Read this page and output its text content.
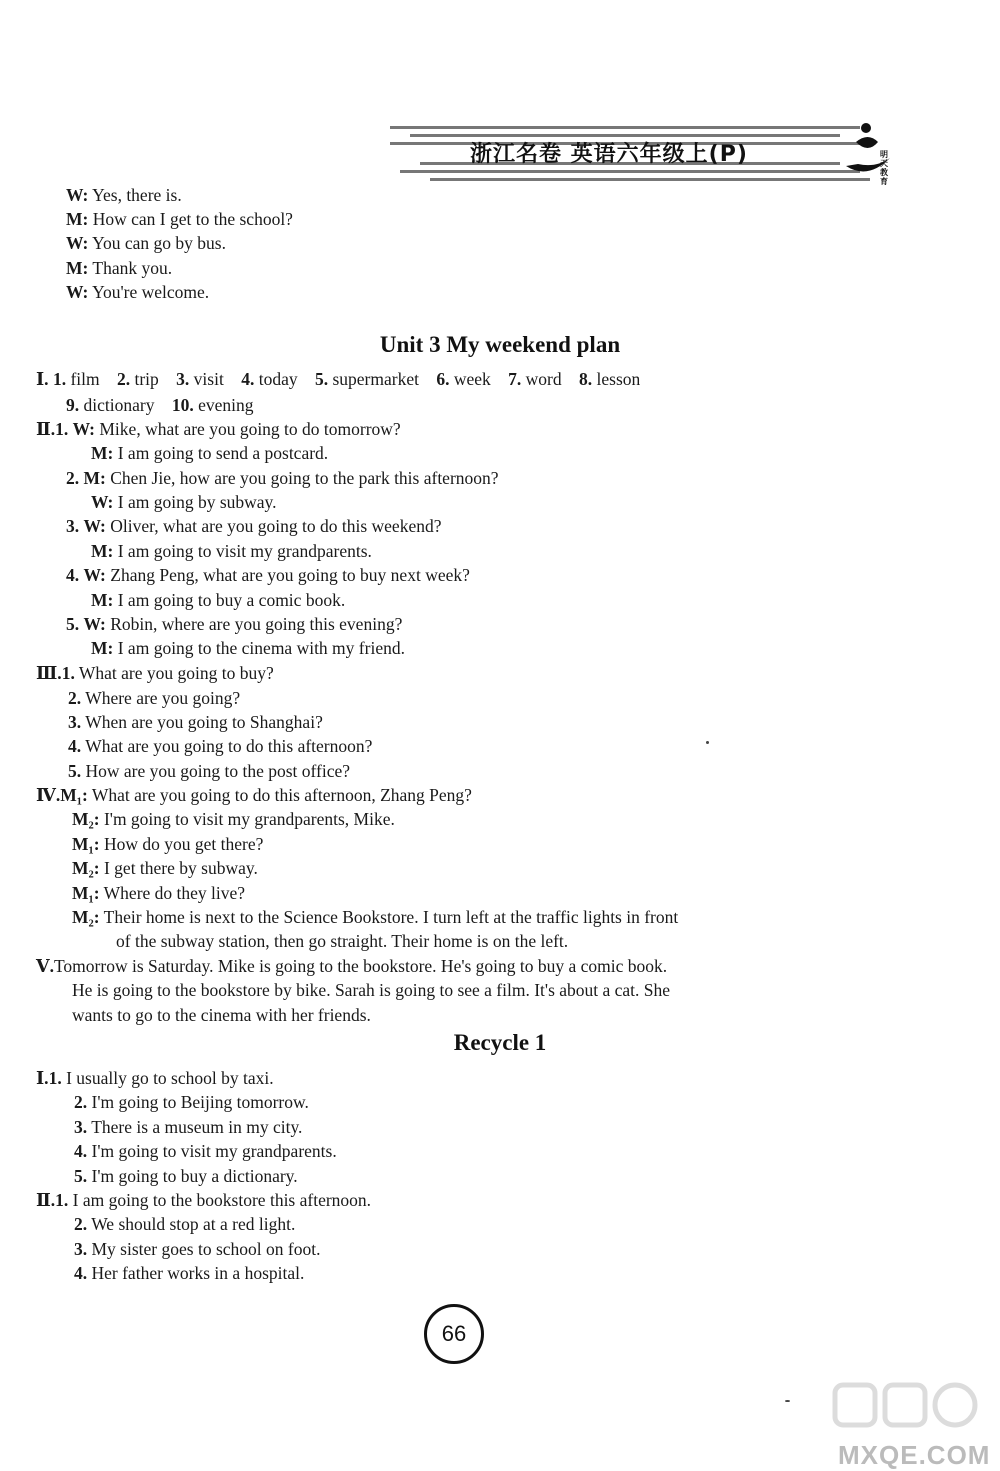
浙江名卷 英语六年级上(P)	明天教育
W: Yes, there is.
M: How can I get to the school?
W: You can go by bus.
M: Thank you.
W: You're welcome.
Unit 3 My weekend plan
Ⅰ. 1. film 2. trip 3. visit 4. today 5. supermarket 6. week 7. word 8. lesson
9. dictionary 10. evening
Ⅱ.1. W: Mike, what are you going to do tomorrow?
M: I am going to send a postcard.
2. M: Chen Jie, how are you going to the park this afternoon?
W: I am going by subway.
3. W: Oliver, what are you going to do this weekend?
M: I am going to visit my grandparents.
4. W: Zhang Peng, what are you going to buy next week?
M: I am going to buy a comic book.
5. W: Robin, where are you going this evening?
M: I am going to the cinema with my friend.
Ⅲ.1. What are you going to buy?
2. Where are you going?
3. When are you going to Shanghai?
4. What are you going to do this afternoon?
5. How are you going to the post office?
Ⅳ.M₁: What are you going to do this afternoon, Zhang Peng?
M₂: I'm going to visit my grandparents, Mike.
M₁: How do you get there?
M₂: I get there by subway.
M₁: Where do they live?
M₂: Their home is next to the Science Bookstore. I turn left at the traffic lights in front
of the subway station, then go straight. Their home is on the left.
Ⅴ.Tomorrow is Saturday. Mike is going to the bookstore. He's going to buy a comic book.
He is going to the bookstore by bike. Sarah is going to see a film. It's about a cat. She
wants to go to the cinema with her friends.
Recycle 1
Ⅰ.1. I usually go to school by taxi.
2. I'm going to Beijing tomorrow.
3. There is a museum in my city.
4. I'm going to visit my grandparents.
5. I'm going to buy a dictionary.
Ⅱ.1. I am going to the bookstore this afternoon.
2. We should stop at a red light.
3. My sister goes to school on foot.
4. Her father works in a hospital.
66
MXQE.COM
